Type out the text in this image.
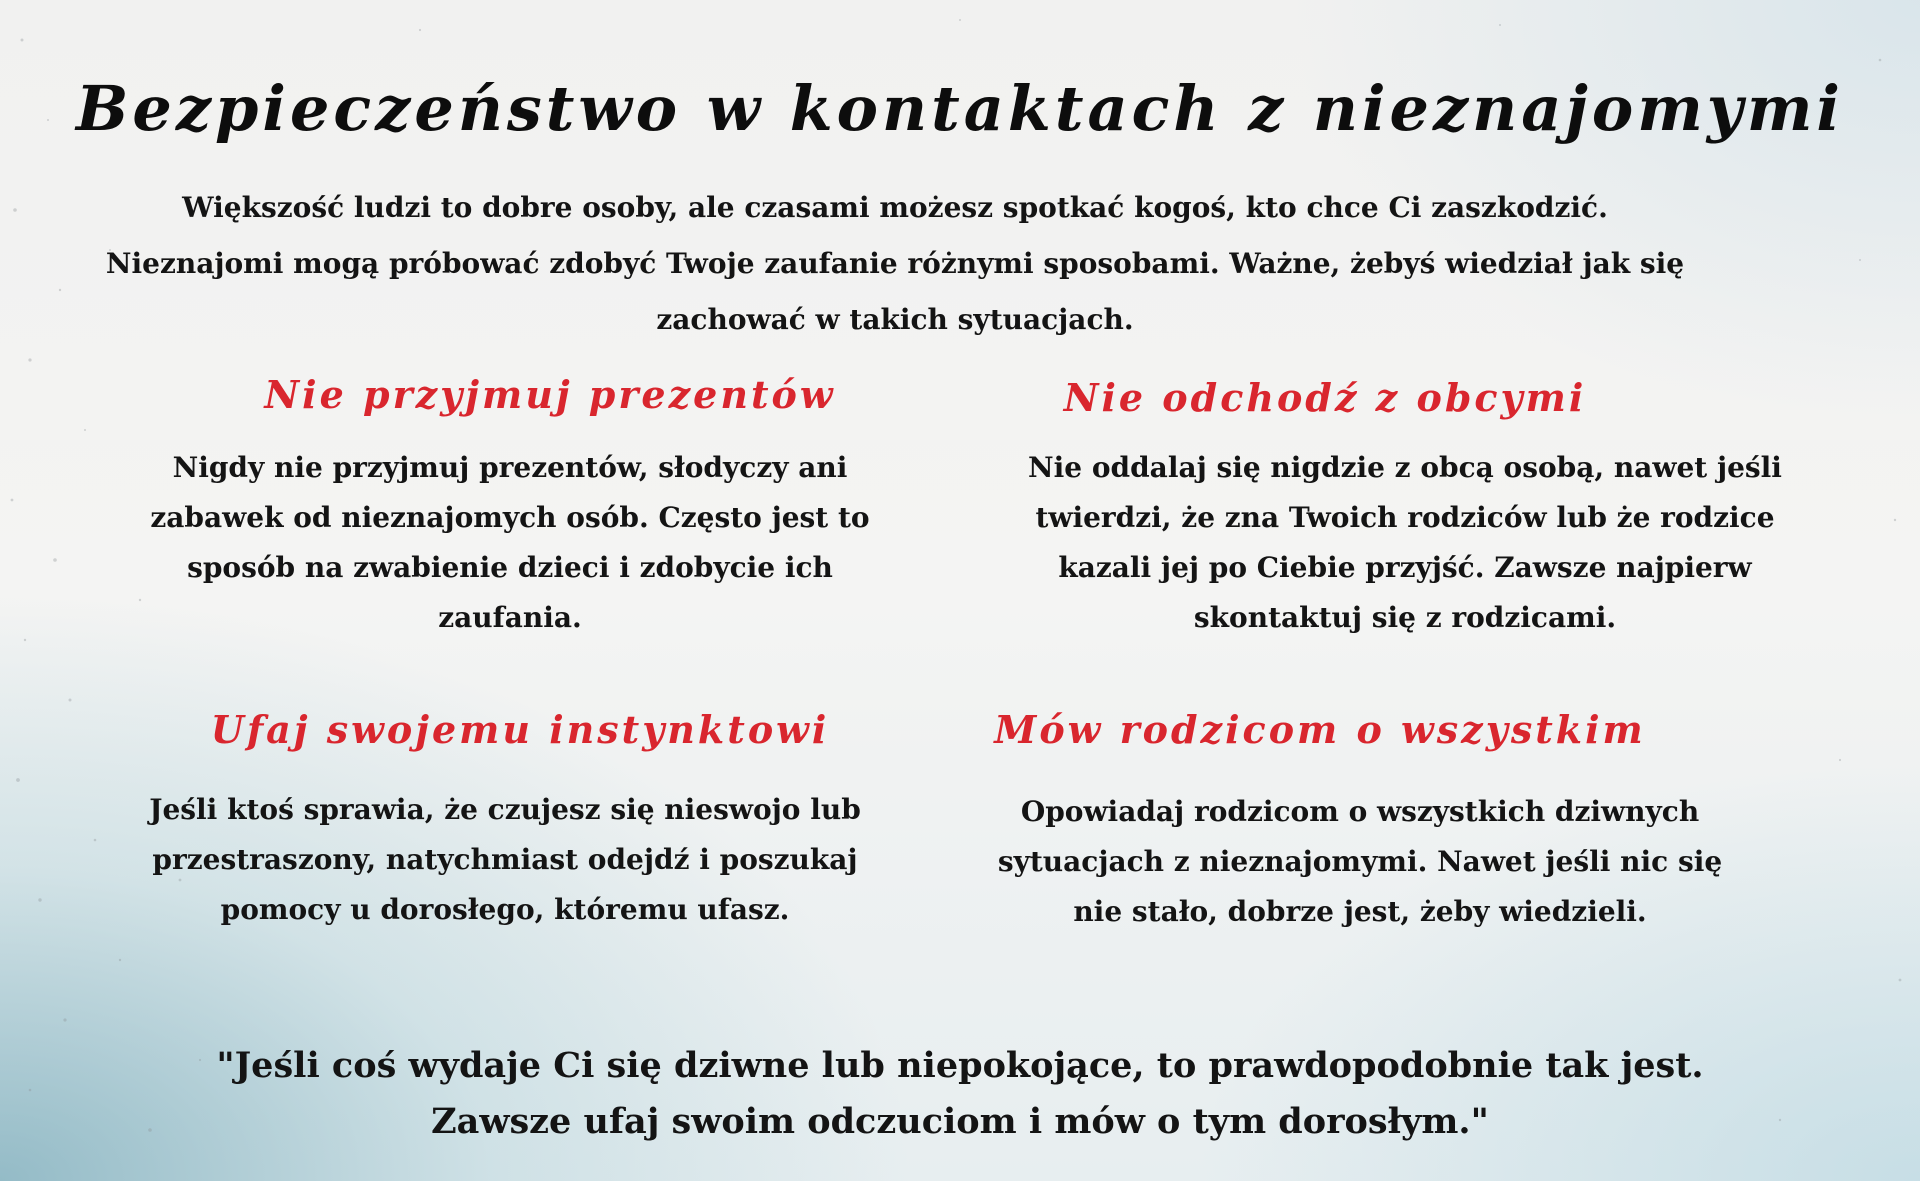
Bezpieczeństwo w kontaktach z nieznajomymi

Większość ludzi to dobre osoby, ale czasami możesz spotkać kogoś, kto chce Ci zaszkodzić. Nieznajomi mogą próbować zdobyć Twoje zaufanie różnymi sposobami. Ważne, żebyś wiedział jak się zachować w takich sytuacjach.

Nie przyjmuj prezentów

Nigdy nie przyjmuj prezentów, słodyczy ani zabawek od nieznajomych osób. Często jest to sposób na zwabienie dzieci i zdobycie ich zaufania.

Nie odchodź z obcymi

Nie oddalaj się nigdzie z obcą osobą, nawet jeśli twierdzi, że zna Twoich rodziców lub że rodzice kazali jej po Ciebie przyjść. Zawsze najpierw skontaktuj się z rodzicami.

Ufaj swojemu instynktowi

Jeśli ktoś sprawia, że czujesz się nieswojo lub przestraszony, natychmiast odejdź i poszukaj pomocy u dorosłego, któremu ufasz.

Mów rodzicom o wszystkim

Opowiadaj rodzicom o wszystkich dziwnych sytuacjach z nieznajomymi. Nawet jeśli nic się nie stało, dobrze jest, żeby wiedzieli.

"Jeśli coś wydaje Ci się dziwne lub niepokojące, to prawdopodobnie tak jest. Zawsze ufaj swoim odczuciom i mów o tym dorosłym."
